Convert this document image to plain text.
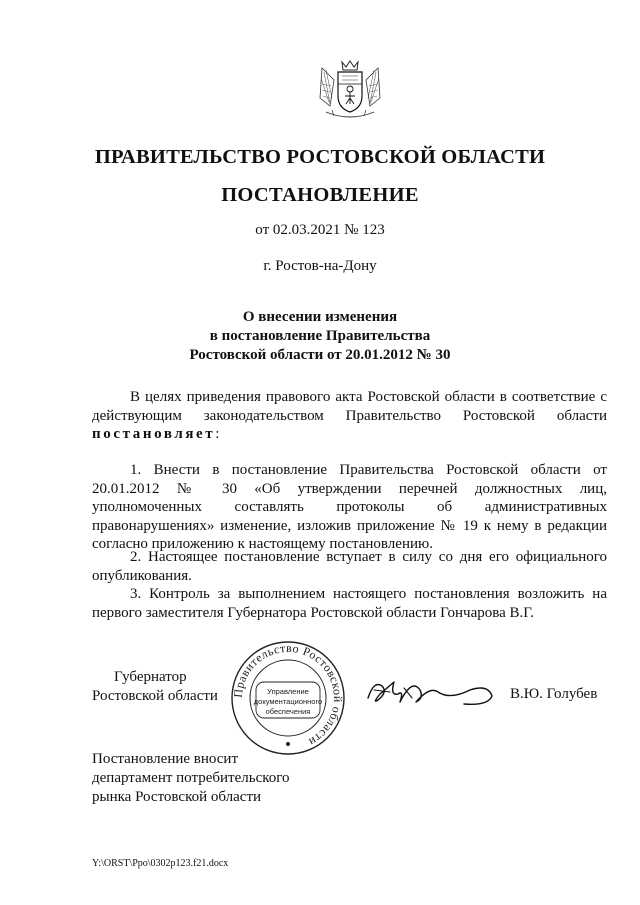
ПРАВИТЕЛЬСТВО РОСТОВСКОЙ ОБЛАСТИ
ПОСТАНОВЛЕНИЕ
от 02.03.2021 № 123
г. Ростов-на-Дону
О внесении изменения
в постановление Правительства
Ростовской области от 20.01.2012 № 30
В целях приведения правового акта Ростовской области в соответствие с действующим законодательством Правительство Ростовской области постановляет:
1. Внести в постановление Правительства Ростовской области от 20.01.2012 № 30 «Об утверждении перечней должностных лиц, уполномоченных составлять протоколы об административных правонарушениях» изменение, изложив приложение № 19 к нему в редакции согласно приложению к настоящему постановлению.
2. Настоящее постановление вступает в силу со дня его официального опубликования.
3. Контроль за выполнением настоящего постановления возложить на первого заместителя Губернатора Ростовской области Гончарова В.Г.
Губернатор
Ростовской области Правительство Ростовской области
Управление
документационного
обеспечения
В.Ю. Голубев
Постановление вносит
департамент потребительского
рынка Ростовской области
Y:\ORST\Ppo\0302p123.f21.docx
